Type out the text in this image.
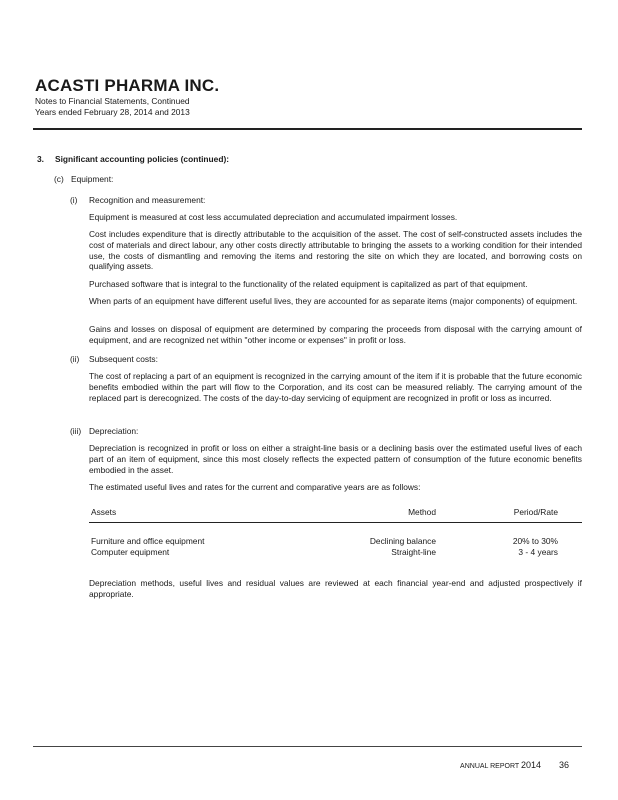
ACASTI PHARMA INC.
Notes to Financial Statements, Continued
Years ended February 28, 2014 and 2013
3. Significant accounting policies (continued):
(c) Equipment:
(i) Recognition and measurement:

Equipment is measured at cost less accumulated depreciation and accumulated impairment losses.

Cost includes expenditure that is directly attributable to the acquisition of the asset. The cost of self-constructed assets includes the cost of materials and direct labour, any other costs directly attributable to bringing the assets to a working condition for their intended use, the costs of dismantling and removing the items and restoring the site on which they are located, and borrowing costs on qualifying assets.

Purchased software that is integral to the functionality of the related equipment is capitalized as part of that equipment.

When parts of an equipment have different useful lives, they are accounted for as separate items (major components) of equipment.

Gains and losses on disposal of equipment are determined by comparing the proceeds from disposal with the carrying amount of equipment, and are recognized net within "other income or expenses" in profit or loss.

(ii) Subsequent costs:

The cost of replacing a part of an equipment is recognized in the carrying amount of the item if it is probable that the future economic benefits embodied within the part will flow to the Corporation, and its cost can be measured reliably. The carrying amount of the replaced part is derecognized. The costs of the day-to-day servicing of equipment are recognized in profit or loss as incurred.

(iii) Depreciation:

Depreciation is recognized in profit or loss on either a straight-line basis or a declining basis over the estimated useful lives of each part of an item of equipment, since this most closely reflects the expected pattern of consumption of the future economic benefits embodied in the asset.

The estimated useful lives and rates for the current and comparative years are as follows:

Assets	Method	Period/Rate
Furniture and office equipment	Declining balance	20% to 30%
Computer equipment	Straight-line	3 - 4 years

Depreciation methods, useful lives and residual values are reviewed at each financial year-end and adjusted prospectively if appropriate.

ANNUAL REPORT 2014 36
